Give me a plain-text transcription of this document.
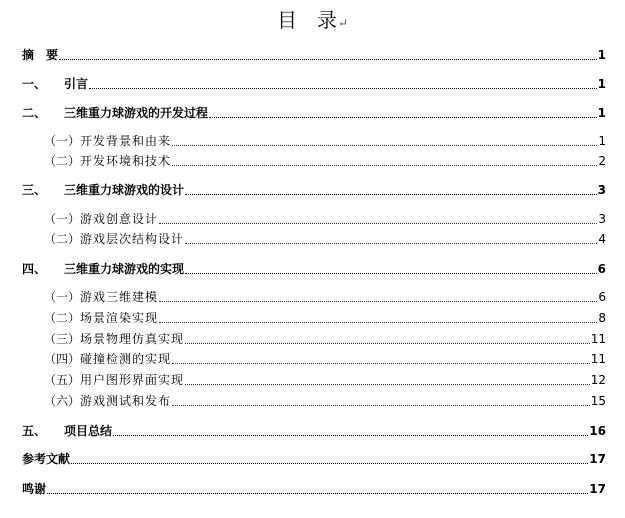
目　录↵
摘　要	1
一、	引言	1
二、	三维重力球游戏的开发过程	1
（一） 开发背景和由来	1
（二） 开发环境和技术	2
三、	三维重力球游戏的设计	3
（一） 游戏创意设计	3
（二） 游戏层次结构设计	4
四、	三维重力球游戏的实现	6
（一） 游戏三维建模	6
（二） 场景渲染实现	8
（三） 场景物理仿真实现	11
（四） 碰撞检测的实现	11
（五） 用户图形界面实现	12
（六） 游戏测试和发布	15
五、	项目总结	16
参考文献	17
鸣谢	17
